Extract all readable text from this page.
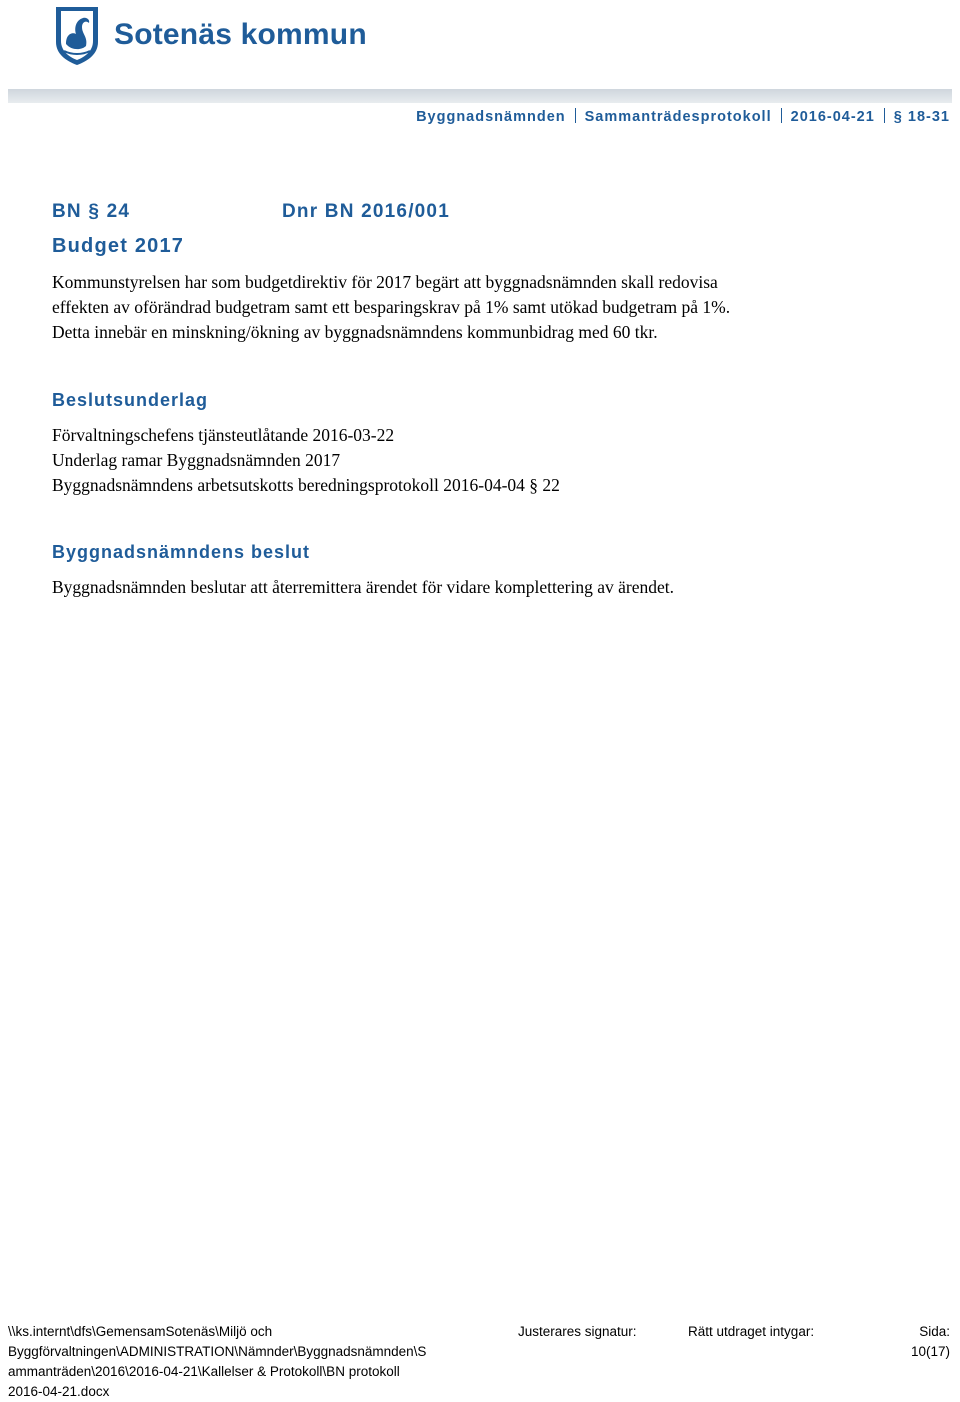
Sotenäs kommun
Byggnadsnämnden Sammanträdesprotokoll 2016-04-21 § 18-31
BN § 24	Dnr BN 2016/001
Budget 2017
Kommunstyrelsen har som budgetdirektiv för 2017 begärt att byggnadsnämnden skall redovisa
effekten av oförändrad budgetram samt ett besparingskrav på 1% samt utökad budgetram på 1%.
Detta innebär en minskning/ökning av byggnadsnämndens kommunbidrag med 60 tkr.
Beslutsunderlag
Förvaltningschefens tjänsteutlåtande 2016-03-22
Underlag ramar Byggnadsnämnden 2017
Byggnadsnämndens arbetsutskotts beredningsprotokoll 2016-04-04 § 22
Byggnadsnämndens beslut
Byggnadsnämnden beslutar att återremittera ärendet för vidare komplettering av ärendet.
\\ks.internt\dfs\GemensamSotenäs\Miljö och
Byggförvaltningen\ADMINISTRATION\Nämnder\Byggnadsnämnden\S
ammanträden\2016\2016-04-21\Kallelser & Protokoll\BN protokoll
2016-04-21.docx
Justerares signatur:	Rätt utdraget intygar:	Sida:
10(17)
